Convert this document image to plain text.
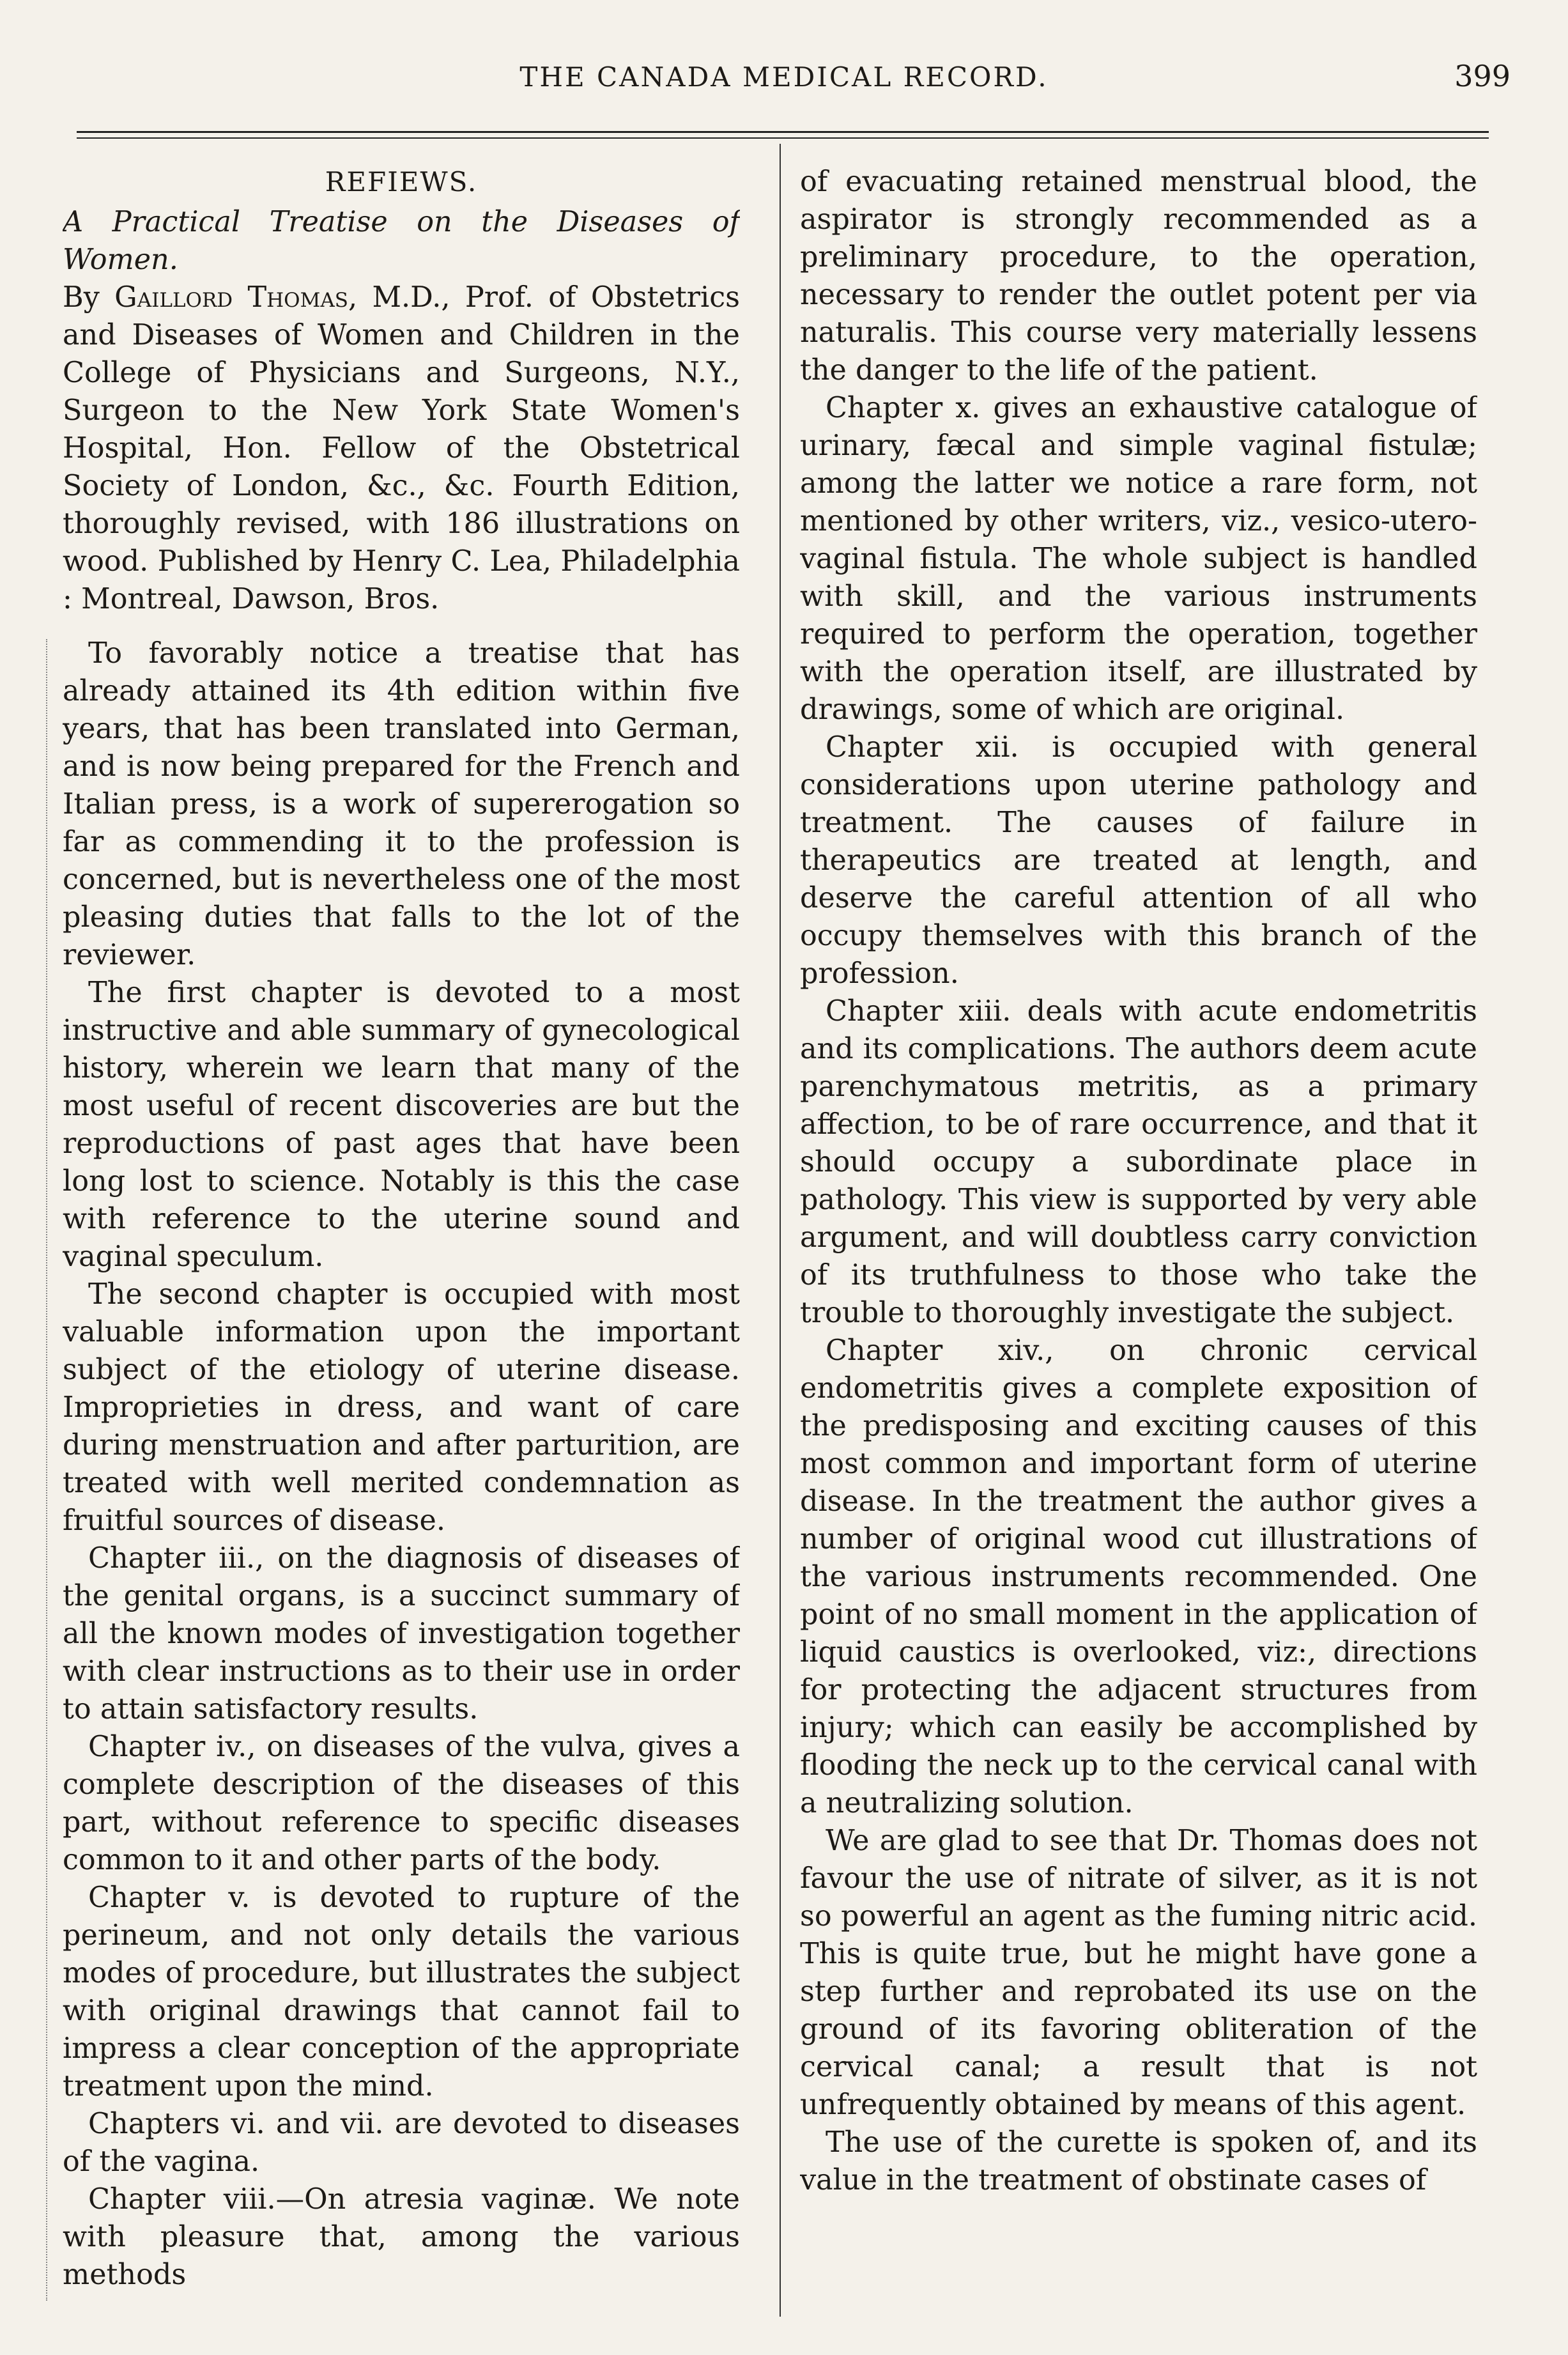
THE CANADA MEDICAL RECORD.	399
REFIEWS.

A Practical Treatise on the Diseases of Women.

By Gaillord Thomas, M.D., Prof. of Obstetrics and Diseases of Women and Children in the College of Physicians and Surgeons, N.Y., Surgeon to the New York State Women's Hospital, Hon. Fellow of the Obstetrical Society of London, &c., &c. Fourth Edition, thoroughly revised, with 186 illustrations on wood. Published by Henry C. Lea, Philadelphia : Montreal, Dawson, Bros.

To favorably notice a treatise that has already attained its 4th edition within five years, that has been translated into German, and is now being prepared for the French and Italian press, is a work of supererogation so far as commending it to the profession is concerned, but is nevertheless one of the most pleasing duties that falls to the lot of the reviewer.

The first chapter is devoted to a most instructive and able summary of gynecological history, wherein we learn that many of the most useful of recent discoveries are but the reproductions of past ages that have been long lost to science. Notably is this the case with reference to the uterine sound and vaginal speculum.

The second chapter is occupied with most valuable information upon the important subject of the etiology of uterine disease. Improprieties in dress, and want of care during menstruation and after parturition, are treated with well merited condemnation as fruitful sources of disease.

Chapter iii., on the diagnosis of diseases of the genital organs, is a succinct summary of all the known modes of investigation together with clear instructions as to their use in order to attain satisfactory results.

Chapter iv., on diseases of the vulva, gives a complete description of the diseases of this part, without reference to specific diseases common to it and other parts of the body.

Chapter v. is devoted to rupture of the perineum, and not only details the various modes of procedure, but illustrates the subject with original drawings that cannot fail to impress a clear conception of the appropriate treatment upon the mind.

Chapters vi. and vii. are devoted to diseases of the vagina.

Chapter viii.—On atresia vaginæ. We note with pleasure that, among the various methods

of evacuating retained menstrual blood, the aspirator is strongly recommended as a preliminary procedure, to the operation, necessary to render the outlet potent per via naturalis. This course very materially lessens the danger to the life of the patient.

Chapter x. gives an exhaustive catalogue of urinary, fæcal and simple vaginal fistulæ; among the latter we notice a rare form, not mentioned by other writers, viz., vesico-utero-vaginal fistula. The whole subject is handled with skill, and the various instruments required to perform the operation, together with the operation itself, are illustrated by drawings, some of which are original.

Chapter xii. is occupied with general considerations upon uterine pathology and treatment. The causes of failure in therapeutics are treated at length, and deserve the careful attention of all who occupy themselves with this branch of the profession.

Chapter xiii. deals with acute endometritis and its complications. The authors deem acute parenchymatous metritis, as a primary affection, to be of rare occurrence, and that it should occupy a subordinate place in pathology. This view is supported by very able argument, and will doubtless carry conviction of its truthfulness to those who take the trouble to thoroughly investigate the subject.

Chapter xiv., on chronic cervical endometritis gives a complete exposition of the predisposing and exciting causes of this most common and important form of uterine disease. In the treatment the author gives a number of original wood cut illustrations of the various instruments recommended. One point of no small moment in the application of liquid caustics is overlooked, viz:, directions for protecting the adjacent structures from injury; which can easily be accomplished by flooding the neck up to the cervical canal with a neutralizing solution.

We are glad to see that Dr. Thomas does not favour the use of nitrate of silver, as it is not so powerful an agent as the fuming nitric acid. This is quite true, but he might have gone a step further and reprobated its use on the ground of its favoring obliteration of the cervical canal; a result that is not unfrequently obtained by means of this agent.

The use of the curette is spoken of, and its value in the treatment of obstinate cases of
